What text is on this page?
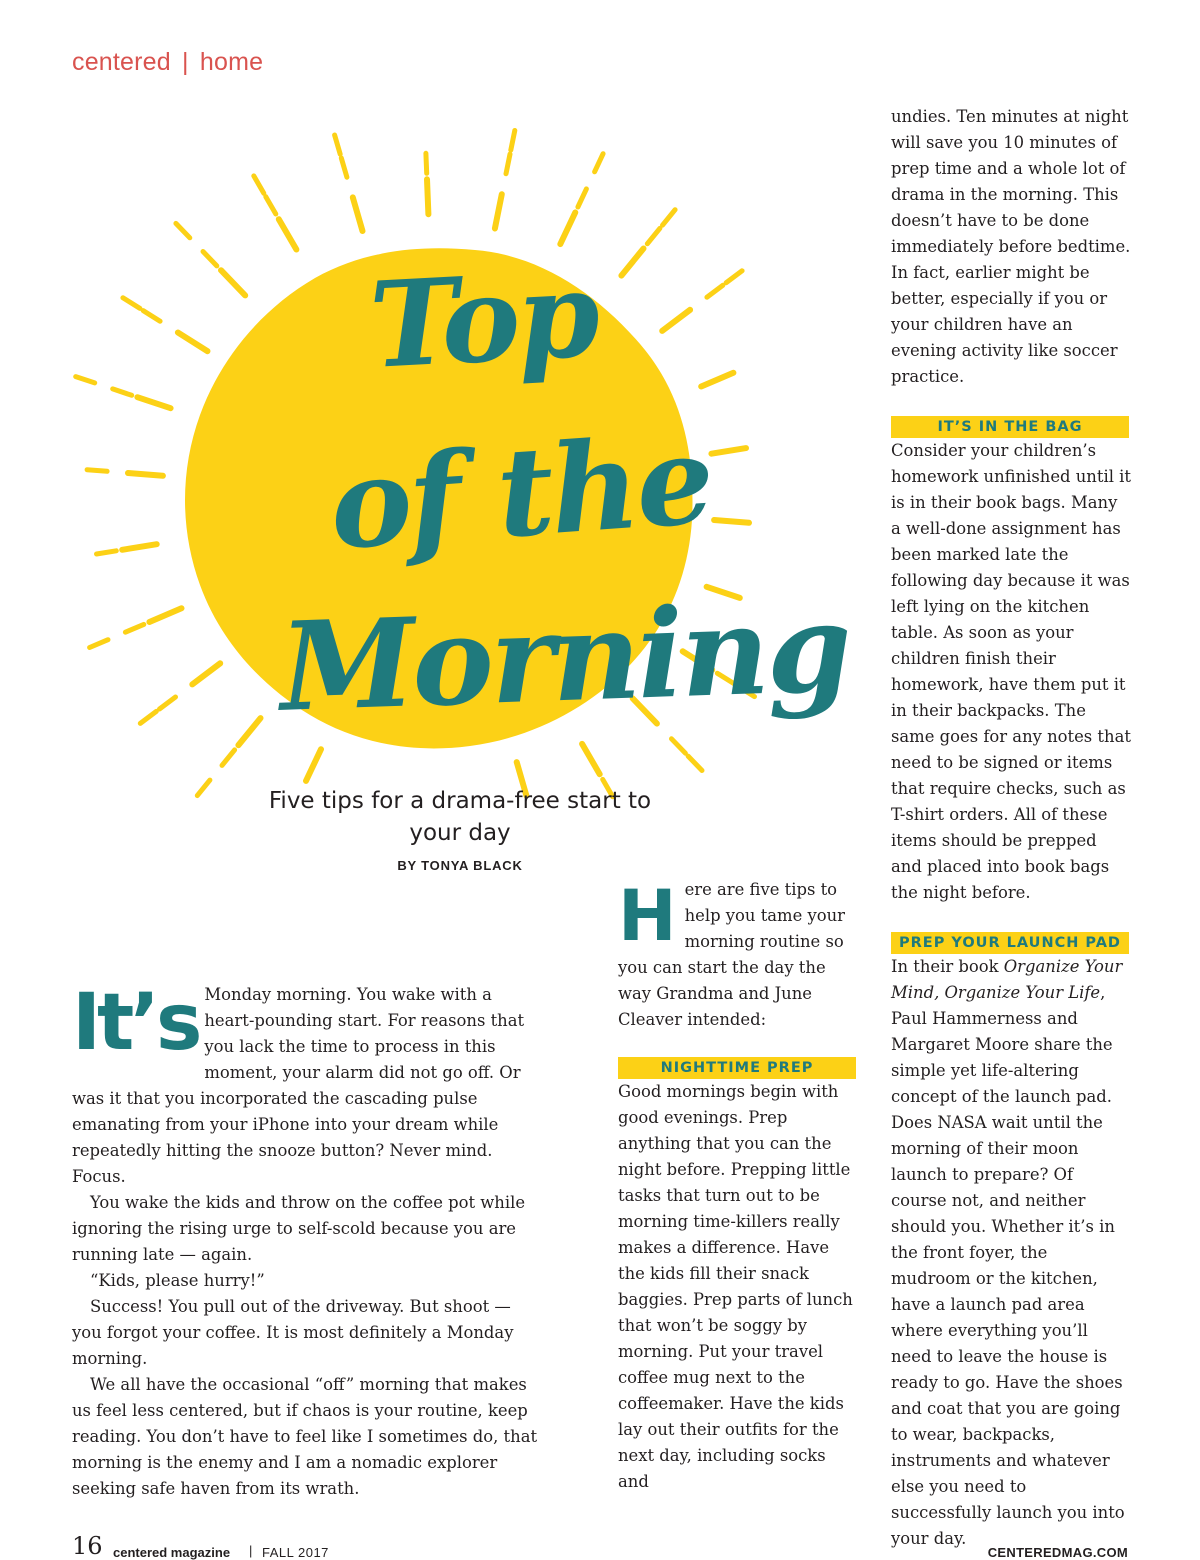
centered | home
Top
of the
Morning
Five tips for a drama-free start to your day
BY TONYA BLACK
It’s Monday morning. You wake with a heart-pounding start. For reasons that you lack the time to process in this moment, your alarm did not go off. Or was it that you incorporated the cascading pulse emanating from your iPhone into your dream while repeatedly hitting the snooze button? Never mind. Focus.

You wake the kids and throw on the coffee pot while ignoring the rising urge to self-scold because you are running late — again.

“Kids, please hurry!”

Success! You pull out of the driveway. But shoot — you forgot your coffee. It is most definitely a Monday morning.

We all have the occasional “off” morning that makes us feel less centered, but if chaos is your routine, keep reading. You don’t have to feel like I sometimes do, that morning is the enemy and I am a nomadic explorer seeking safe haven from its wrath.

H ere are five tips to help you tame your morning routine so you can start the day the way Grandma and June Cleaver intended:

NIGHTTIME PREP

Good mornings begin with good evenings. Prep anything that you can the night before. Prepping little tasks that turn out to be morning time-killers really makes a difference. Have the kids fill their snack baggies. Prep parts of lunch that won’t be soggy by morning. Put your travel coffee mug next to the coffeemaker. Have the kids lay out their outfits for the next day, including socks and

undies. Ten minutes at night will save you 10 minutes of prep time and a whole lot of drama in the morning. This doesn’t have to be done immediately before bedtime. In fact, earlier might be better, especially if you or your children have an evening activity like soccer practice.

IT’S IN THE BAG

Consider your children’s homework unfinished until it is in their book bags. Many a well-done assignment has been marked late the following day because it was left lying on the kitchen table. As soon as your children finish their homework, have them put it in their backpacks. The same goes for any notes that need to be signed or items that require checks, such as T-shirt orders. All of these items should be prepped and placed into book bags the night before.

PREP YOUR LAUNCH PAD

In their book Organize Your Mind, Organize Your Life, Paul Hammerness and Margaret Moore share the simple yet life-altering concept of the launch pad. Does NASA wait until the morning of their moon launch to prepare? Of course not, and neither should you. Whether it’s in the front foyer, the mudroom or the kitchen, have a launch pad area where everything you’ll need to leave the house is ready to go. Have the shoes and coat that you are going to wear, backpacks, instruments and whatever else you need to successfully launch you into your day.

16 centered magazine | FALL 2017	CENTEREDMAG.COM
